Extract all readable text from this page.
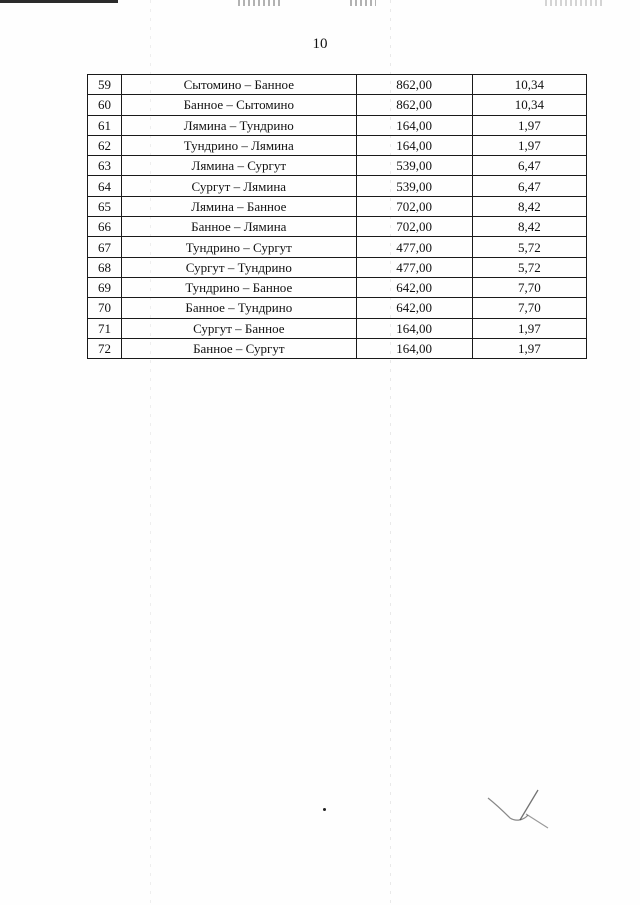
10
59	Сытомино – Банное	862,00	10,34
60	Банное – Сытомино	862,00	10,34
61	Лямина – Тундрино	164,00	1,97
62	Тундрино – Лямина	164,00	1,97
63	Лямина – Сургут	539,00	6,47
64	Сургут – Лямина	539,00	6,47
65	Лямина – Банное	702,00	8,42
66	Банное – Лямина	702,00	8,42
67	Тундрино – Сургут	477,00	5,72
68	Сургут – Тундрино	477,00	5,72
69	Тундрино – Банное	642,00	7,70
70	Банное – Тундрино	642,00	7,70
71	Сургут – Банное	164,00	1,97
72	Банное – Сургут	164,00	1,97
